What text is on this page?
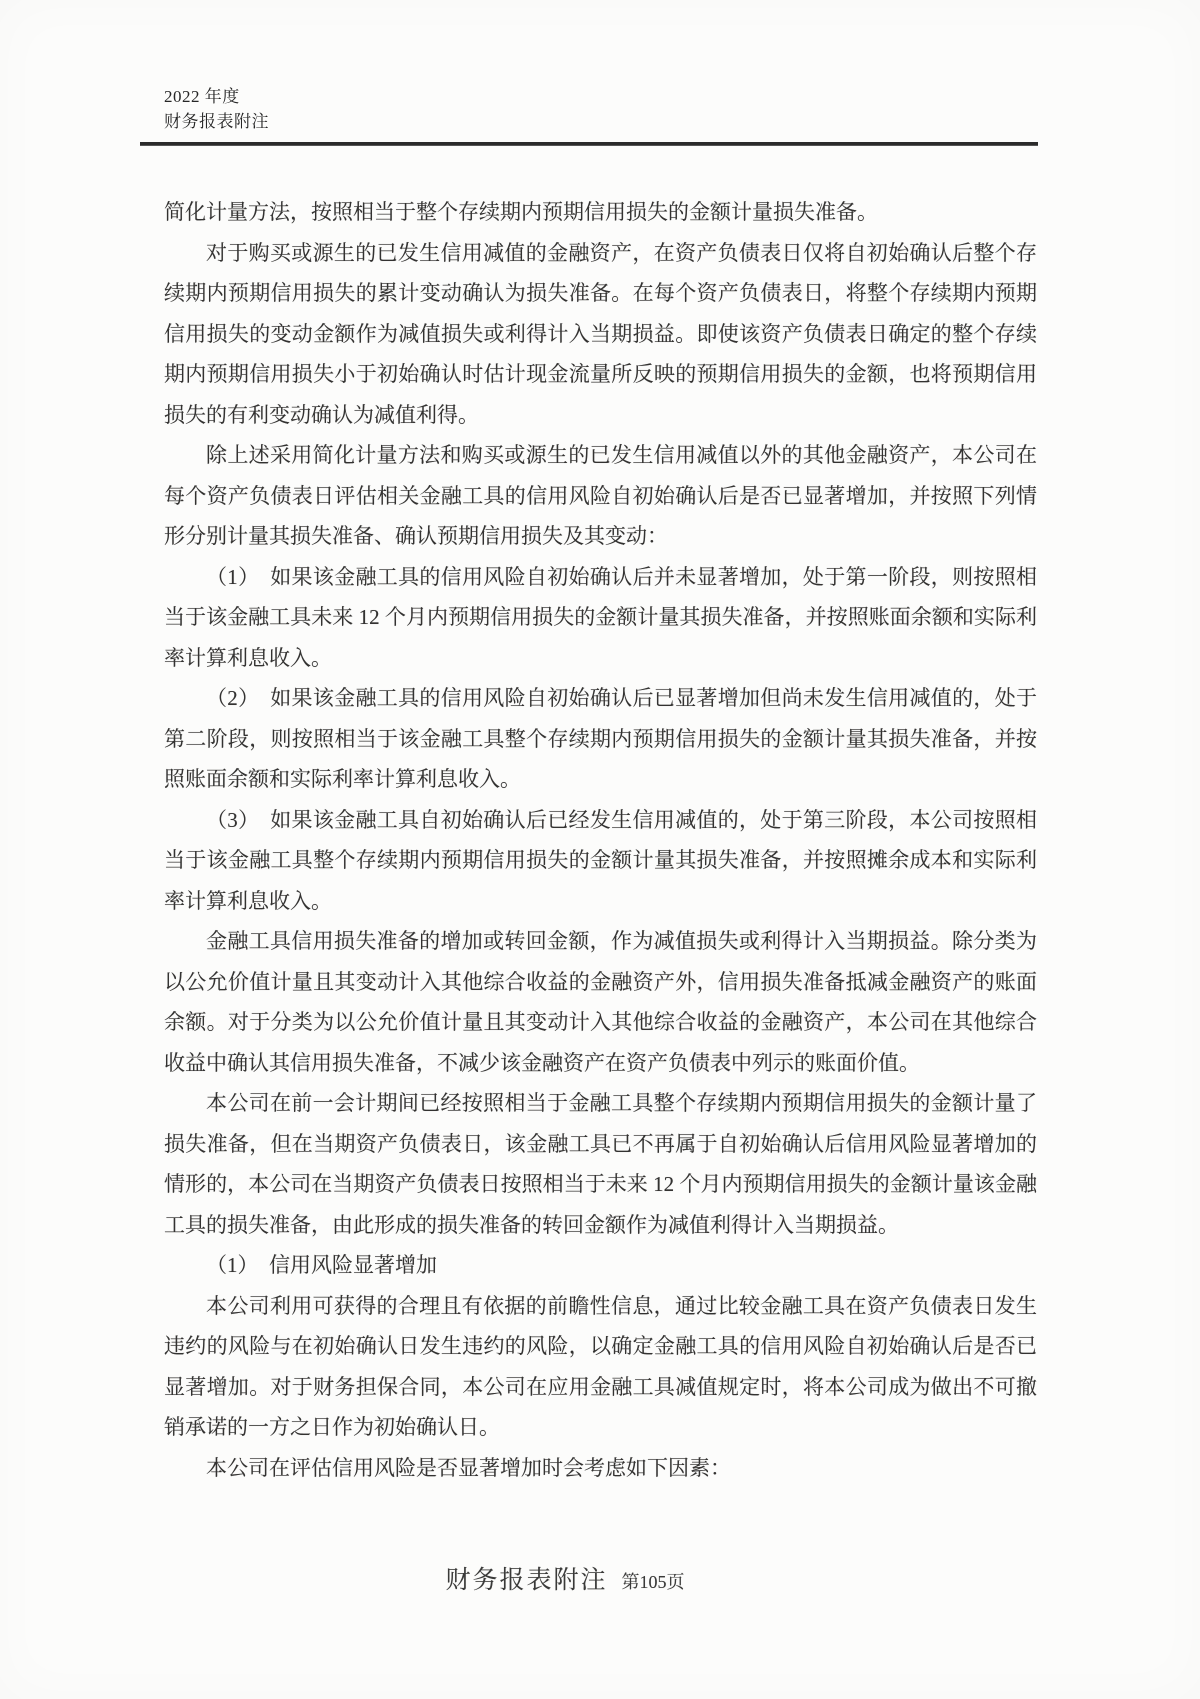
2022 年度
财务报表附注

简化计量方法，按照相当于整个存续期内预期信用损失的金额计量损失准备。

对于购买或源生的已发生信用减值的金融资产，在资产负债表日仅将自初始确认后整个存续期内预期信用损失的累计变动确认为损失准备。在每个资产负债表日，将整个存续期内预期信用损失的变动金额作为减值损失或利得计入当期损益。即使该资产负债表日确定的整个存续期内预期信用损失小于初始确认时估计现金流量所反映的预期信用损失的金额，也将预期信用损失的有利变动确认为减值利得。

除上述采用简化计量方法和购买或源生的已发生信用减值以外的其他金融资产，本公司在每个资产负债表日评估相关金融工具的信用风险自初始确认后是否已显著增加，并按照下列情形分别计量其损失准备、确认预期信用损失及其变动：

（1）　如果该金融工具的信用风险自初始确认后并未显著增加，处于第一阶段，则按照相当于该金融工具未来 12 个月内预期信用损失的金额计量其损失准备，并按照账面余额和实际利率计算利息收入。

（2）　如果该金融工具的信用风险自初始确认后已显著增加但尚未发生信用减值的，处于第二阶段，则按照相当于该金融工具整个存续期内预期信用损失的金额计量其损失准备，并按照账面余额和实际利率计算利息收入。

（3）　如果该金融工具自初始确认后已经发生信用减值的，处于第三阶段，本公司按照相当于该金融工具整个存续期内预期信用损失的金额计量其损失准备，并按照摊余成本和实际利率计算利息收入。

金融工具信用损失准备的增加或转回金额，作为减值损失或利得计入当期损益。除分类为以公允价值计量且其变动计入其他综合收益的金融资产外，信用损失准备抵减金融资产的账面余额。对于分类为以公允价值计量且其变动计入其他综合收益的金融资产，本公司在其他综合收益中确认其信用损失准备，不减少该金融资产在资产负债表中列示的账面价值。

本公司在前一会计期间已经按照相当于金融工具整个存续期内预期信用损失的金额计量了损失准备，但在当期资产负债表日，该金融工具已不再属于自初始确认后信用风险显著增加的情形的，本公司在当期资产负债表日按照相当于未来 12 个月内预期信用损失的金额计量该金融工具的损失准备，由此形成的损失准备的转回金额作为减值利得计入当期损益。

（1）　信用风险显著增加

本公司利用可获得的合理且有依据的前瞻性信息，通过比较金融工具在资产负债表日发生违约的风险与在初始确认日发生违约的风险，以确定金融工具的信用风险自初始确认后是否已显著增加。对于财务担保合同，本公司在应用金融工具减值规定时，将本公司成为做出不可撤销承诺的一方之日作为初始确认日。

本公司在评估信用风险是否显著增加时会考虑如下因素：

财务报表附注 第105页
